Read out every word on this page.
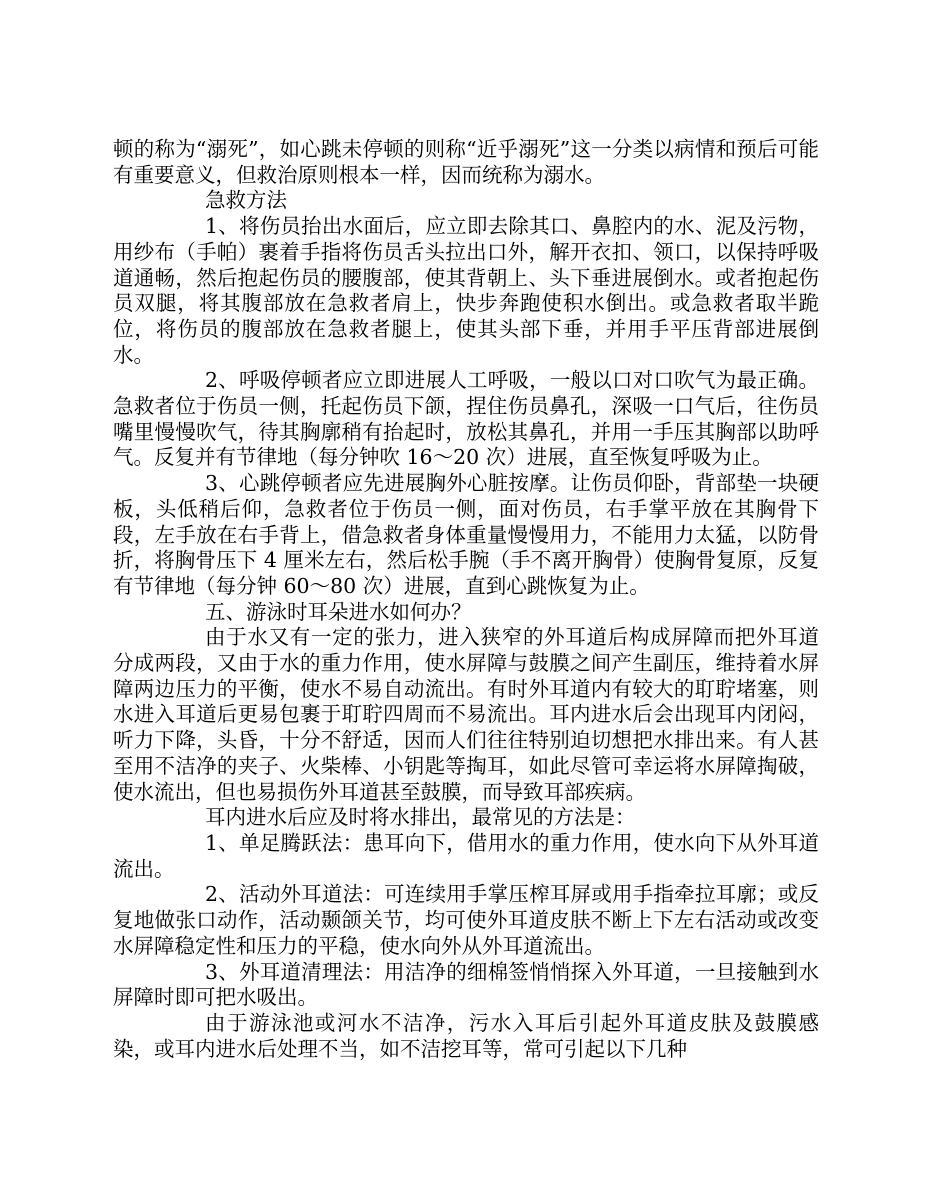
顿的称为“溺死”，如心跳未停顿的则称“近乎溺死”这一分类以病情和预后可能有重要意义，但救治原则根本一样，因而统称为溺水。

急救方法

1、将伤员抬出水面后，应立即去除其口、鼻腔内的水、泥及污物，用纱布（手帕）裹着手指将伤员舌头拉出口外，解开衣扣、领口，以保持呼吸道通畅，然后抱起伤员的腰腹部，使其背朝上、头下垂进展倒水。或者抱起伤员双腿，将其腹部放在急救者肩上，快步奔跑使积水倒出。或急救者取半跪位，将伤员的腹部放在急救者腿上，使其头部下垂，并用手平压背部进展倒水。

2、呼吸停顿者应立即进展人工呼吸，一般以口对口吹气为最正确。急救者位于伤员一侧，托起伤员下颌，捏住伤员鼻孔，深吸一口气后，往伤员嘴里慢慢吹气，待其胸廓稍有抬起时，放松其鼻孔，并用一手压其胸部以助呼气。反复并有节律地（每分钟吹 16～20 次）进展，直至恢复呼吸为止。

3、心跳停顿者应先进展胸外心脏按摩。让伤员仰卧，背部垫一块硬板，头低稍后仰，急救者位于伤员一侧，面对伤员，右手掌平放在其胸骨下段，左手放在右手背上，借急救者身体重量慢慢用力，不能用力太猛，以防骨折，将胸骨压下 4 厘米左右，然后松手腕（手不离开胸骨）使胸骨复原，反复有节律地（每分钟 60～80 次）进展，直到心跳恢复为止。

五、游泳时耳朵进水如何办？

由于水又有一定的张力，进入狭窄的外耳道后构成屏障而把外耳道分成两段，又由于水的重力作用，使水屏障与鼓膜之间产生副压，维持着水屏障两边压力的平衡，使水不易自动流出。有时外耳道内有较大的耵聍堵塞，则水进入耳道后更易包裹于耵聍四周而不易流出。耳内进水后会出现耳内闭闷，听力下降，头昏，十分不舒适，因而人们往往特别迫切想把水排出来。有人甚至用不洁净的夹子、火柴棒、小钥匙等掏耳，如此尽管可幸运将水屏障掏破，使水流出，但也易损伤外耳道甚至鼓膜，而导致耳部疾病。

耳内进水后应及时将水排出，最常见的方法是：

1、单足腾跃法：患耳向下，借用水的重力作用，使水向下从外耳道流出。

2、活动外耳道法：可连续用手掌压榨耳屏或用手指牵拉耳廓；或反复地做张口动作，活动颞颌关节，均可使外耳道皮肤不断上下左右活动或改变水屏障稳定性和压力的平稳，使水向外从外耳道流出。

3、外耳道清理法：用洁净的细棉签悄悄探入外耳道，一旦接触到水屏障时即可把水吸出。

由于游泳池或河水不洁净，污水入耳后引起外耳道皮肤及鼓膜感染，或耳内进水后处理不当，如不洁挖耳等，常可引起以下几种
